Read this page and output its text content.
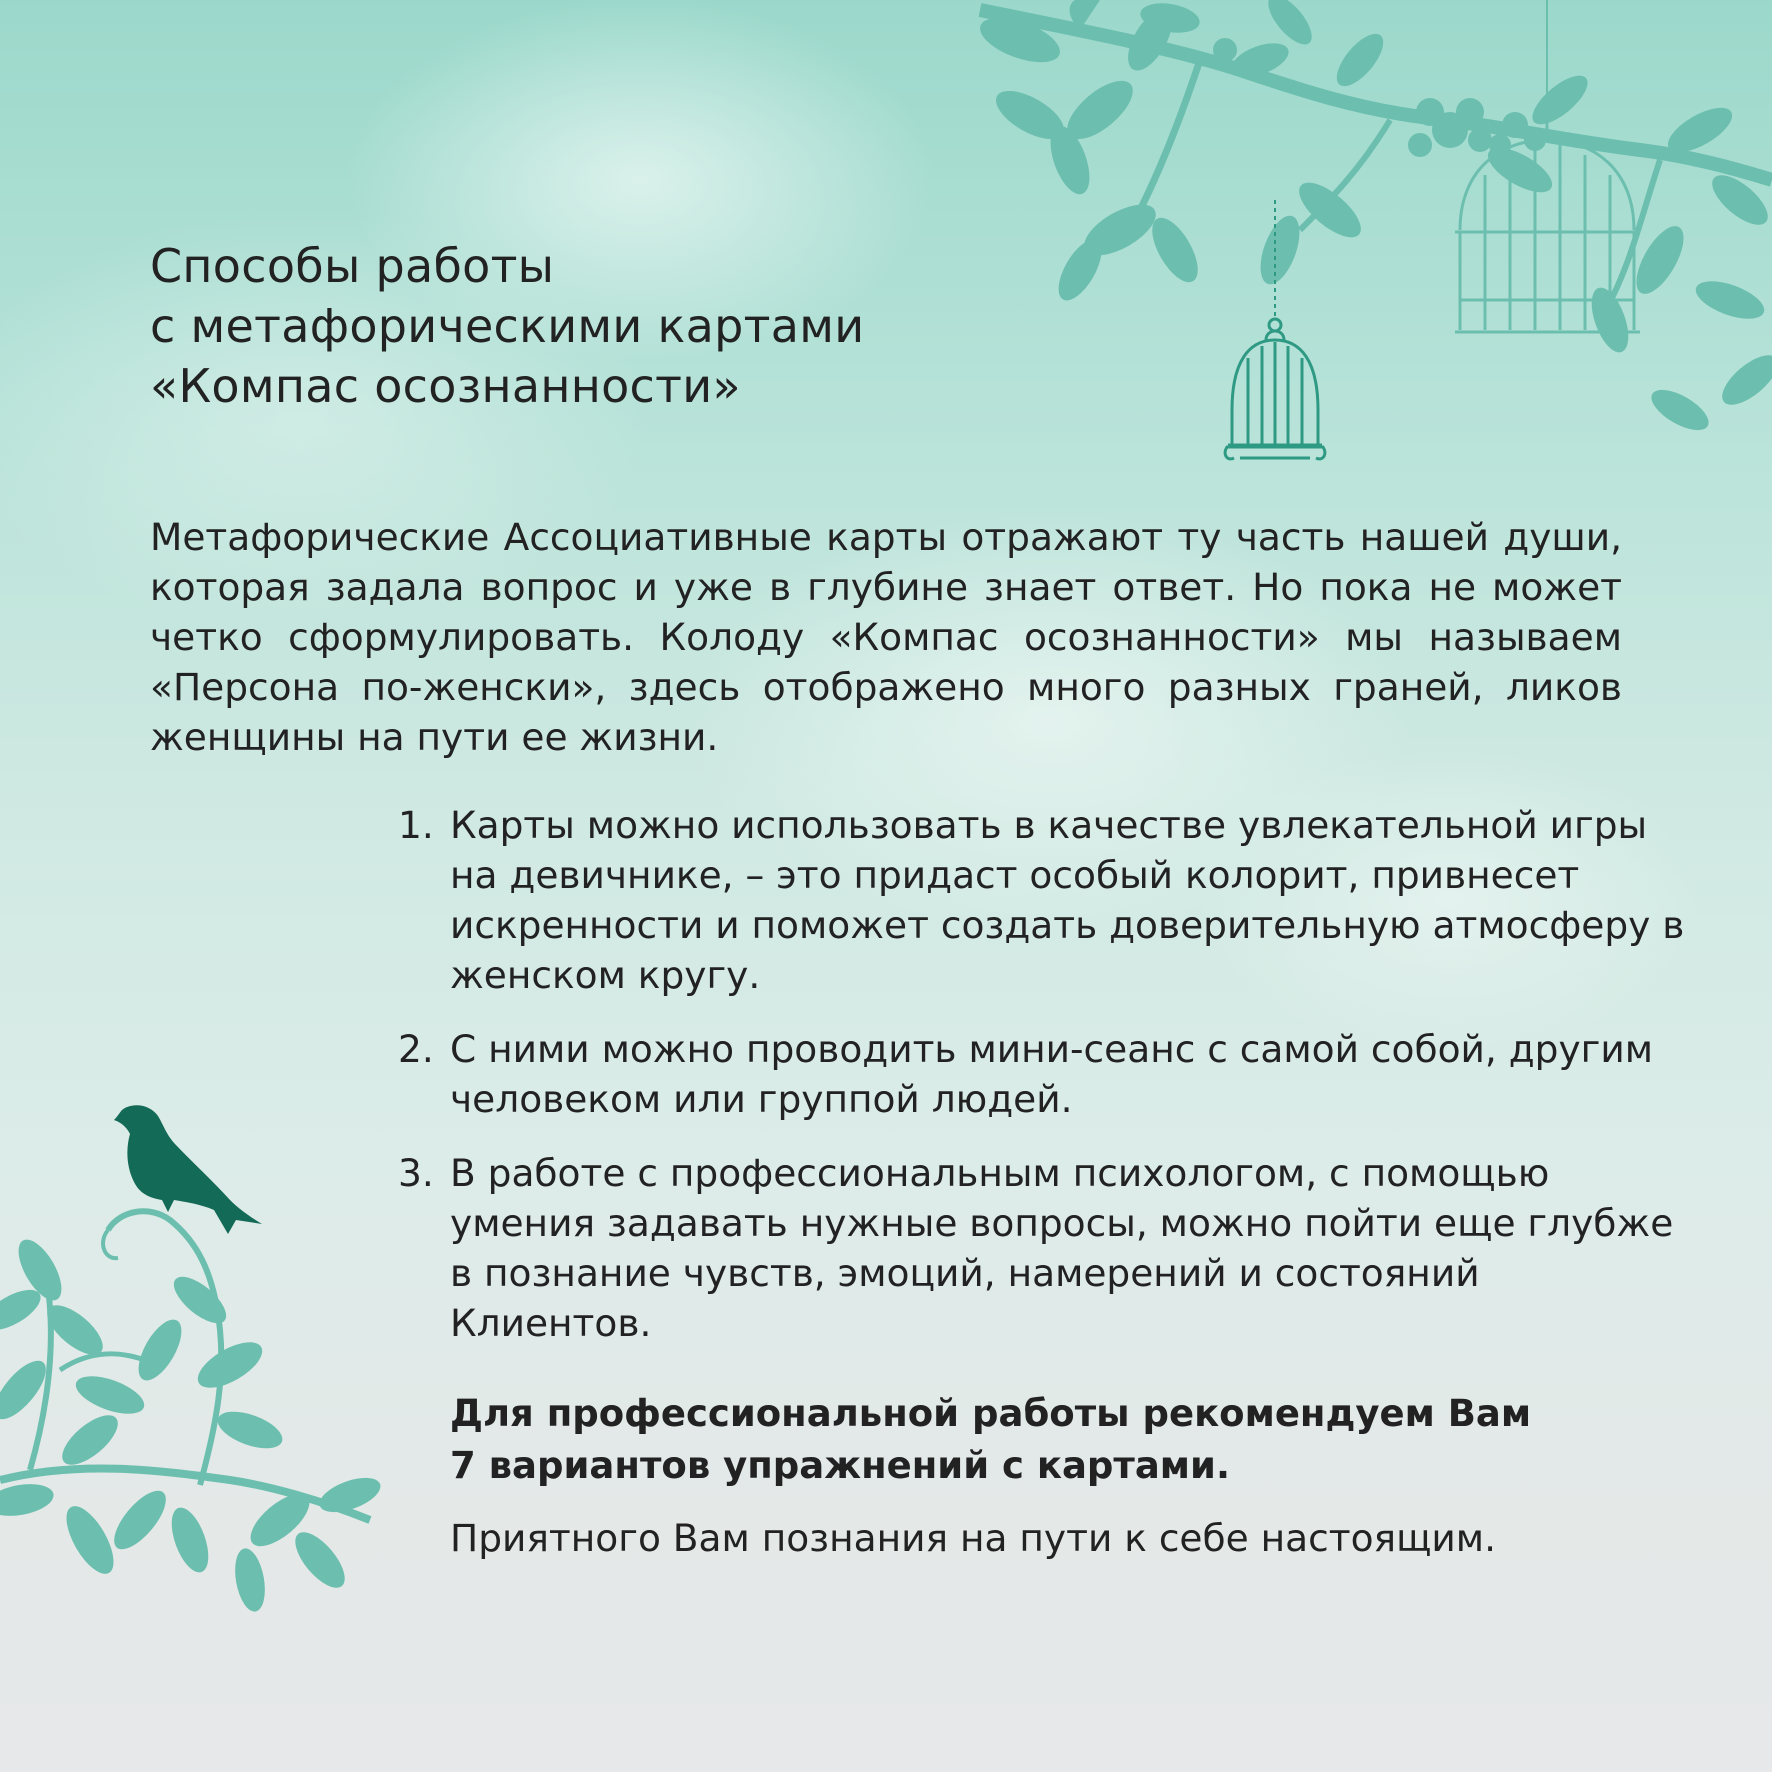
Способы работы
с метафорическими картами
«Компас осознанности»

Метафорические Ассоциативные карты отражают ту часть нашей души, которая задала вопрос и уже в глубине знает ответ. Но пока не может четко сформулировать. Колоду «Компас осознанности» мы называем «Персона по-женски», здесь отображено много разных граней, ликов женщины на пути ее жизни.

1. Карты можно использовать в качестве увлекательной игры на девичнике, – это придаст особый колорит, привнесет искренности и поможет создать доверительную атмосферу в женском кругу.
2. С ними можно проводить мини-сеанс с самой собой, другим человеком или группой людей.
3. В работе с профессиональным психологом, с помощью умения задавать нужные вопросы, можно пойти еще глубже в познание чувств, эмоций, намерений и состояний Клиентов.

Для профессиональной работы рекомендуем Вам
7 вариантов упражнений с картами.

Приятного Вам познания на пути к себе настоящим.
